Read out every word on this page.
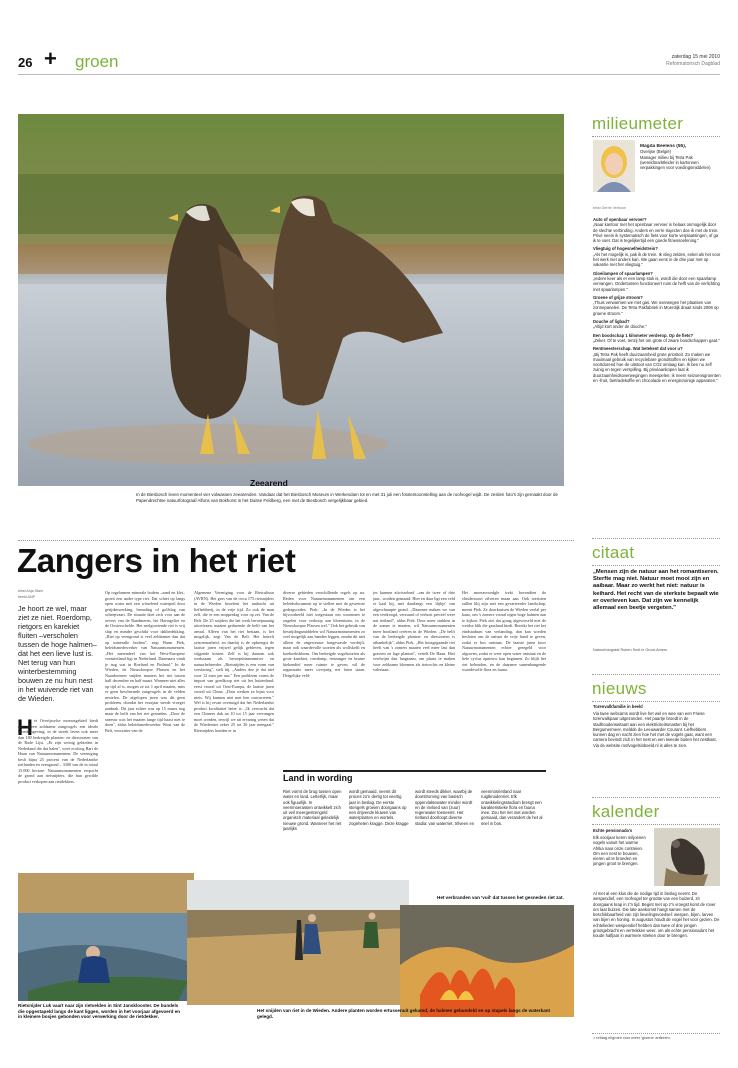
26 + groen	zaterdag 15 mei 2010
Reformatorisch Dagblad
Zeearend
In de Biesbosch leven momenteel vier volwassen zeearenden. Vandaar dat het Biesbosch Museum in Werkendam tot en met 31 juli een fototentoonstelling aan de roofvogel wijdt. De zeslien foto's zijn gemaakt door de Papendrechtse natuurfotograaf Alfons van Bokhorst in het Duitse Feldberg, een met de Biesbosch vergelijkbaar gebied.
milieumeter
Magda Beelens (55),
Overijse (België)
Manager milieu bij Tetra Pak (wereldmarktleider in kartonnen verpakkingen voor voedingsmiddelen)
tekst Gerrie Verboon
Auto of openbaar vervoer?
„Naar kantoor met het openbaar vervoer is helaas onmogelijk door de slechte verbinding. Anders en verre trajecten doe ik met de trein. Privé neem ik systematisch de fiets voor korte verplaatsingen, of ga ik te voet. Dat is tegelijkertijd een goede fitnessoefening."
Vliegtuig of hogesnelheidstrein?
„Als het mogelijk is, pak ik de trein. Ik vlieg zelden, enkel als het voor het werk niet anders kan. We gaan eens in de drie jaar met op vakantie met het vliegtuig."
Gloeilampen of spaarlampen?
„Iedere keer als er een lamp stuk is, wordt die door een spaarlamp vervangen. Ondertussen functioneert ruim de helft van de verlichting met spaarlampen."
Groene of grijze stroom?
„Thuis verwarmen we met gas. We overwegen het plaatsen van zonnepanelen. De Tetra Pakfabriek in Moerdijk draait sinds 2006 op groene stroom."
Douche of ligbad?
„Altijd kort onder de douche."
Een boodschap 1 kilometer verderop. Op de fiets?
„Zeker. Of te voet, tenzij het om grote of zware boodschappen gaat."
Rentmeesterschap. Wat betekent dat voor u?
„Bij Tetra Pak heeft duurzaamheid grote prioriteit. Zo maken we maximaal gebruik van recyclebare grondstoffen en kijken we voortdurend hoe de uitstoot van CO2 omlaag kan. Ik ben nu zelf zuinig en tegen verspilling. Bij privéaankopen laat ik duurzaamheidsoverwegingen meespelen: ik neem seizoensgroenten en -fruit, fairtradekoffie en chocolade en energiezuinige apparaten."
citaat
„Mensen zijn de natuur aan het romantiseren. Sterfte mag niet. Natuur moet mooi zijn en aaibaar. Maar zo werkt het niet: natuur is keihard. Het recht van de sterkste bepaalt wie er overleven kan. Dat zijn we kennelijk allemaal een beetje vergeten."
Natuurfotograaf Ruben Smit in Groot-Amers
nieuws
Torenvalkfamilie in beeld
Via twee webcams wordt live het wel en wee van een Friese torenvalkpaar uitgezonden. Het paartje broedt in de stadhouderweitaart aan een elektriciteitsmasten bij het Bergumermeer, meldde de Leeuwarder Courant. Liefhebbers kunnen dag en nacht zien hoe het met de vogels gaat, want een camera bevindt zich in het nest en een tweede buiten het nestkast. Via de website roofvogelsinbeeld.nl is alles te zien.
kalender
Echte pensionada's
Elk voorjaar keren miljoenen vogels vanuit het warme Afrika naar onze contreien. Om een nest te bouwen, eieren uit te broeden en jongen groot te brengen.
Al met al een klus die de nodige tijd in beslag neemt. De wespendief, een roofvogel ter grootte van een buizerd, zit doorgaans krap in z'n tijd. Begint met op z'n vroegst komt de rover om laat buizen. Die late aankomst hangt samen met de beschikbaarheid van zijn lievelingsvoedsel: wespen, bijen, larven van bijen en honing. In augustus houdt de vogel het voor gezien. De echtelieden wespendief hebben dan twee of drie jongen grootgebracht en vertrekken weer, om als echte pensionada's het koude halfjaar in warmere streken door te brengen.
> refdag.nl/groen voor meer 'groene' artikelen.
Zangers in het riet
tekst Anja Stam
beeld ANP
Je hoort ze wel, maar ziet ze niet. Roerdomp, rietgors en karekiet fluiten –verscholen tussen de hoge halmen– dat het een lieve lust is. Net terug van hun winterbestemming bouwen ze nu hun nest in het wuivende riet van de Wieden.
H et Overijsselse moerasgebied biedt niet alleen zoldzame zangvogels een ideale broedomgeving; in de streek leven ook meer dan 180 bedreigde planten- en diersoorten van de Rode Lijst. „Er zijn weinig gebieden in Nederland die dat halen", weet ecoloog Bart de Haan van Natuurmonumenten. De vereniging beslt bijna 25 procent van de Nederlandse rietlanden en veengrond – 3300 van de in totaal 15.000 hectare. Natuurmonumenten verpacht de grond aan rietsnijders, die hun gewilde product verkopen aan rietdekkers.
Op orgelarmen minerale bodem –zand en klei– groeit een ander type riet. Dat schiet op langs open water met een wisselend waterpeil door getijdenwerking, bemaling of golfslag van scheepvaart. De situatie doet zich voor aan de oevers van de Randmeren, het Haringvliet en de Oosterschelde. Het snelgroeiende riet is vrij slap en minder geschikt voor dakbedekking. „Riet op veengrond is veel zeldzamer dan dat op mineralle bodem", zegt Harm Piek, beleidsmedewerker van Natuurmonumenten. „Het merendeel van het West-Europese veenrietland ligt in Nederland. Daarnaast vindt je nog wat in Roeland en Finland." In de Wieden, de Nieuwkoopse Plassen en het Naardermeer snijden maaiers het riet tussen half december en half maart. Wanneer niet alles op tijd af is, mogen ze tot 1 april maaien, mits er geen beschermde zangvogels in de velden nestelen. De afgelopen jaren was dit geen probleem, doordat het voorjaar steeds vroeger aanbrak. Dit jaar echter was op 15 maart nog maar de helft van het riet gesneden. „Door de sneeuw was het maaien lange tijd haast niet te doen", aldus beleidsmedewerker Wout van de Belt, voorzitter van de
Algemene Vereniging voor de Rietcultuur (AVRN). Het gros van de circa 175 rietsnijders in de Wieden beoefent het ambacht uit liefhebberij, in de vrije tijd. Zo ook de man zelf, die er een snipperdag voor op zet. Van de Belt. De 25 snijders die het werk beroepsmatig uitoefenen, maaien gedurende de helft van het areaal. Alleen van het riet bestaan, is het mogelijk, zegt Van de Belt. Het betreft seizoensarbeid, en daarbij is de opbrengst de laatste jaren vrijwel gelijk gebleven, tegen stijgende kosten. Zelf is hij daarom ook werkzaam als beroepsbinnenmiser en natuurbeheerder. „Rietsnijden is een vorm van verslaving", stelt hij. „Anders doe je dat niet voor 12 euro per uur." Een probleem vormt de import van goedkoop riet uit het buitenland; eerst vooral uit Oost-Europa, de laatste jaren vooral uit China. „Daar werken ze bijna voor niets. Wij kunnen niet met hen concurreren." Wel is bij ervan overtuigd dat het Nederlandse product kwalitatief beter is. „Ik verwacht dat een Chinees dak na 10 tot 15 jaar vervangen moet worden, terwijl we uit ervaring weten dat de Wiedenriet zeker 25 tot 30 jaar meegaat." Rietsnijders houden er in
diverse gebieden verschillende regels op na. Reden voor Natuurmonumenten om een beleidsdocument op te stellen met de gewenste gedragscodes. Piek: „In de Wieden is het bijvoorbeeld niet toegestaan om woonmen te ongelen voor verkoop aan bloemisten, in de Nieuwkoopse Plassen wel." Ook het gebruik van bestrijdingsmiddelen wil Natuurmonumenten zo veel mogelijk aan banden leggen, omdat dit niet alleen de ongewenste basgewasde verdrijft, maar ook waardevolle soorten als wolfskelfi en koekoeksbloem. Om bedreigde vogelsoorten als grote karekiet, roerdomp, rietzanger en bruine kiekendief meer ruimte te geven, wil de organisatie meer overjarig riet laten staan. Dergelijke veld-
jes kunnen afwisselend –om de twee of drie jaar– worden gemaaid. Hier en daar ligt een veld er kaal bij, met daarlangs een 'dijkje' van afgeschraapte grond. „Daarmee maken we van een verdroogd, verzuurd of verbost perceel weer nat rietland", aldus Piek. Door meer stukken in de zomer te maaien, wil Natuurmonumenten meer hooiland creëren in de Wieden. „De helft van de bedreigde planten- en diersoorten is afhankelijk", aldus Piek. „Het hooigegaande riet heeft van 's zomers maaien veel meer last dan grassen en lage planten", vertelt De Haan. Hiet verdwijnt dan langzaam, om plaats te maken voor zeldzame bloemen als rietorchis en kleine valeriaan.
Het moerasvoedgle trekt bovendien de vlinderooort zilveren maan aan. Ook toeristen zullen blij zijn met een gevarieerder landschap, meent Piek. Ze doorkruisen de Wieden veelal per kano, om 's zomers vooral tegen hoge halmen aan te kijken. Piek ziet dat graag afgewisseld met de weidse blik die grasland biedt. Bereikt het riet het eindstadium van verlanding, dan kan worden besloten om de natuur de vrije hand te geven, zodat er bos ontstaat. De laatste jaren koos Natuurmonumenten echter geregeld voor afgraven, zodat er weer open water ontstaat en de hele cyclus opnieuw kan beginnen. Zo blijft het riet behouden, en de daarmee samenhangende waardevolle flora en fauna.
Land in wording
Riet vormt de brug tussen open water en land. Letterlijk, maar ook figuurlijk. In veenmoerassen ontwikkelt zich uit veil meergestrengeld organisch materiaal geleidelijk nieuwe grond. Wanneer het riet jaarlijks
wordt gemaaid, neemt dit proces zo'n dertig tot veertig jaar in beslag. De eerste stengels groeien doorgaans op een drijvende kluwen van waterplanten en wortels, zogeheten kragge. Deze kragge
wordt steeds dikker, waarbij de doorstroming van basisch oppervlaktewater minder wordt en de invloed van (zuur) regenwater toeneemt. Het rietland doorloopt diverse stadia: van waterriet, trilveen en
veenmosrietland naar ruigtkruidenriet. Elk ontwikkelingsstadium brengt een karakteristieke flora en fauna mee. Zou het riet niet worden gemaaid, dan verandert de het al snel in bos.
Rietsnijder Luk vaart naar zijn rietvelden in Sint Jansklooster. De bundels die opgestapeld langs de kant liggen, worden in het voorjaar afgevoerd en in kleinere bosjes gebonden voor verwerking door de rietdekker.
Het snijden van riet in de Wieden. Andere planten worden ertussenuit gekamd, de halmen gebundeld en op stapels langs de waterkant gelegd.
Het verbranden van 'vuil' dat tussen het gesneden riet zat.
